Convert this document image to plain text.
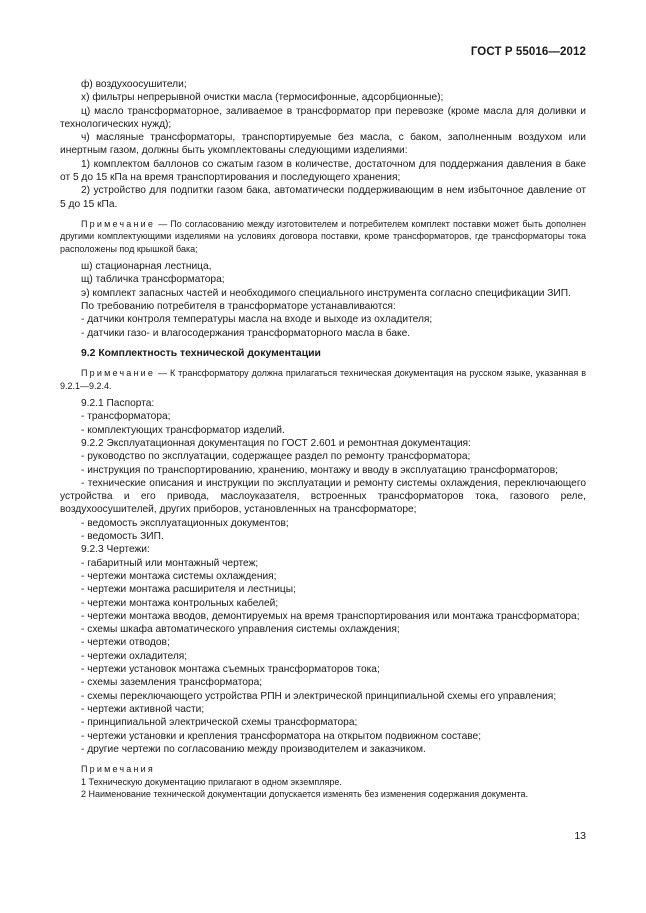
ГОСТ Р 55016—2012

ф) воздухоосушители;

х) фильтры непрерывной очистки масла (термосифонные, адсорбционные);

ц) масло трансформаторное, заливаемое в трансформатор при перевозке (кроме масла для доливки и технологических нужд);

ч) масляные трансформаторы, транспортируемые без масла, с баком, заполненным воздухом или инертным газом, должны быть укомплектованы следующими изделиями:

1) комплектом баллонов со сжатым газом в количестве, достаточном для поддержания давления в баке от 5 до 15 кПа на время транспортирования и последующего хранения;

2) устройство для подпитки газом бака, автоматически поддерживающим в нем избыточное давление от 5 до 15 кПа.

Примечание — По согласованию между изготовителем и потребителем комплект поставки может быть дополнен другими комплектующими изделиями на условиях договора поставки, кроме трансформаторов, где трансформаторы тока расположены под крышкой бака;

ш) стационарная лестница,

щ) табличка трансформатора;

э) комплект запасных частей и необходимого специального инструмента согласно спецификации ЗИП.

По требованию потребителя в трансформаторе устанавливаются:

- датчики контроля температуры масла на входе и выходе из охладителя;

- датчики газо- и влагосодержания трансформаторного масла в баке.

9.2 Комплектность технической документации

Примечание — К трансформатору должна прилагаться техническая документация на русском языке, указанная в 9.2.1—9.2.4.

9.2.1 Паспорта:

- трансформатора;

- комплектующих трансформатор изделий.

9.2.2 Эксплуатационная документация по ГОСТ 2.601 и ремонтная документация:

- руководство по эксплуатации, содержащее раздел по ремонту трансформатора;

- инструкция по транспортированию, хранению, монтажу и вводу в эксплуатацию трансформаторов;

- технические описания и инструкции по эксплуатации и ремонту системы охлаждения, переключающего устройства и его привода, маслоуказателя, встроенных трансформаторов тока, газового реле, воздухоосушителей, других приборов, установленных на трансформаторе;

- ведомость эксплуатационных документов;

- ведомость ЗИП.

9.2.3 Чертежи:

- габаритный или монтажный чертеж;

- чертежи монтажа системы охлаждения;

- чертежи монтажа расширителя и лестницы;

- чертежи монтажа контрольных кабелей;

- чертежи монтажа вводов, демонтируемых на время транспортирования или монтажа трансформатора;

- схемы шкафа автоматического управления системы охлаждения;

- чертежи отводов;

- чертежи охладителя;

- чертежи установок монтажа съемных трансформаторов тока;

- схемы заземления трансформатора;

- схемы переключающего устройства РПН и электрической принципиальной схемы его управления;

- чертежи активной части;

- принципиальной электрической схемы трансформатора;

- чертежи установки и крепления трансформатора на открытом подвижном составе;

- другие чертежи по согласованию между производителем и заказчиком.

Примечания

1 Техническую документацию прилагают в одном экземпляре.

2 Наименование технической документации допускается изменять без изменения содержания документа.

13
